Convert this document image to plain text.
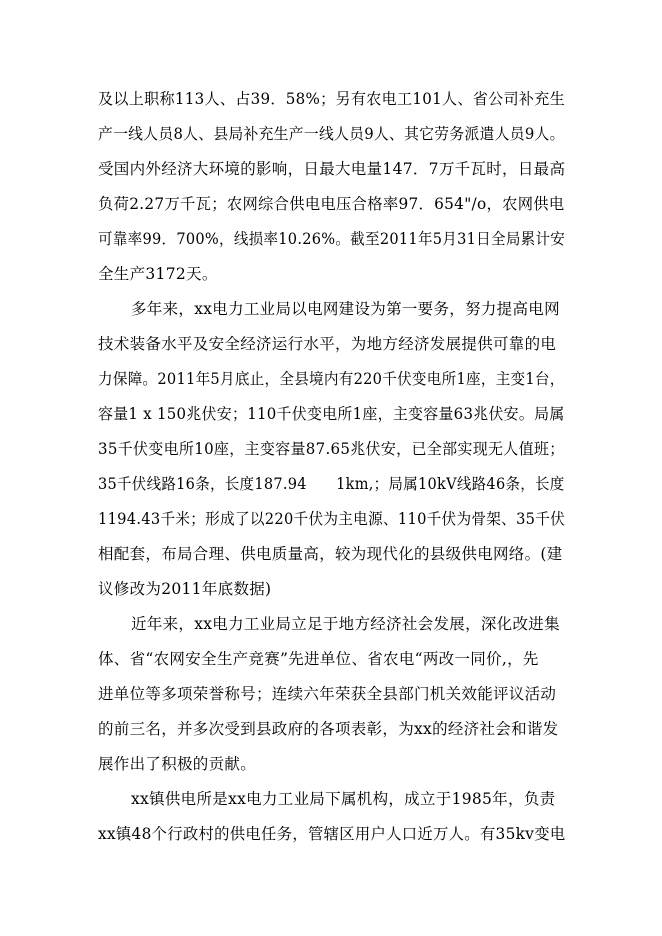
及以上职称113人、占39．58%；另有农电工101人、省公司补充生
产一线人员8人、县局补充生产一线人员9人、其它劳务派遣人员9人。
受国内外经济大环境的影响，日最大电量147．7万千瓦时，日最高
负荷2.27万千瓦；农网综合供电电压合格率97．654"/o，农网供电
可靠率99．700%，线损率10.26%。截至2011年5月31日全局累计安
全生产3172天。
多年来，xx电力工业局以电网建设为第一要务，努力提高电网
技术装备水平及安全经济运行水平，为地方经济发展提供可靠的电
力保障。2011年5月底止，全县境内有220千伏变电所1座，主变1台，
容量1 x 150兆伏安；110千伏变电所1座，主变容量63兆伏安。局属
35千伏变电所10座，主变容量87.65兆伏安，已全部实现无人值班；
35千伏线路16条，长度187.94      1km,；局属10kV线路46条，长度
1194.43千米；形成了以220千伏为主电源、110千伏为骨架、35千伏
相配套，布局合理、供电质量高，较为现代化的县级供电网络。(建
议修改为2011年底数据)
近年来，xx电力工业局立足于地方经济社会发展，深化改进集
体、省“农网安全生产竞赛”先进单位、省农电“两改一同价,，先
进单位等多项荣誉称号；连续六年荣获全县部门机关效能评议活动
的前三名，并多次受到县政府的各项表彰，为xx的经济社会和谐发
展作出了积极的贡献。
xx镇供电所是xx电力工业局下属机构，成立于1985年，负责
xx镇48个行政村的供电任务，管辖区用户人口近万人。有35kv变电
